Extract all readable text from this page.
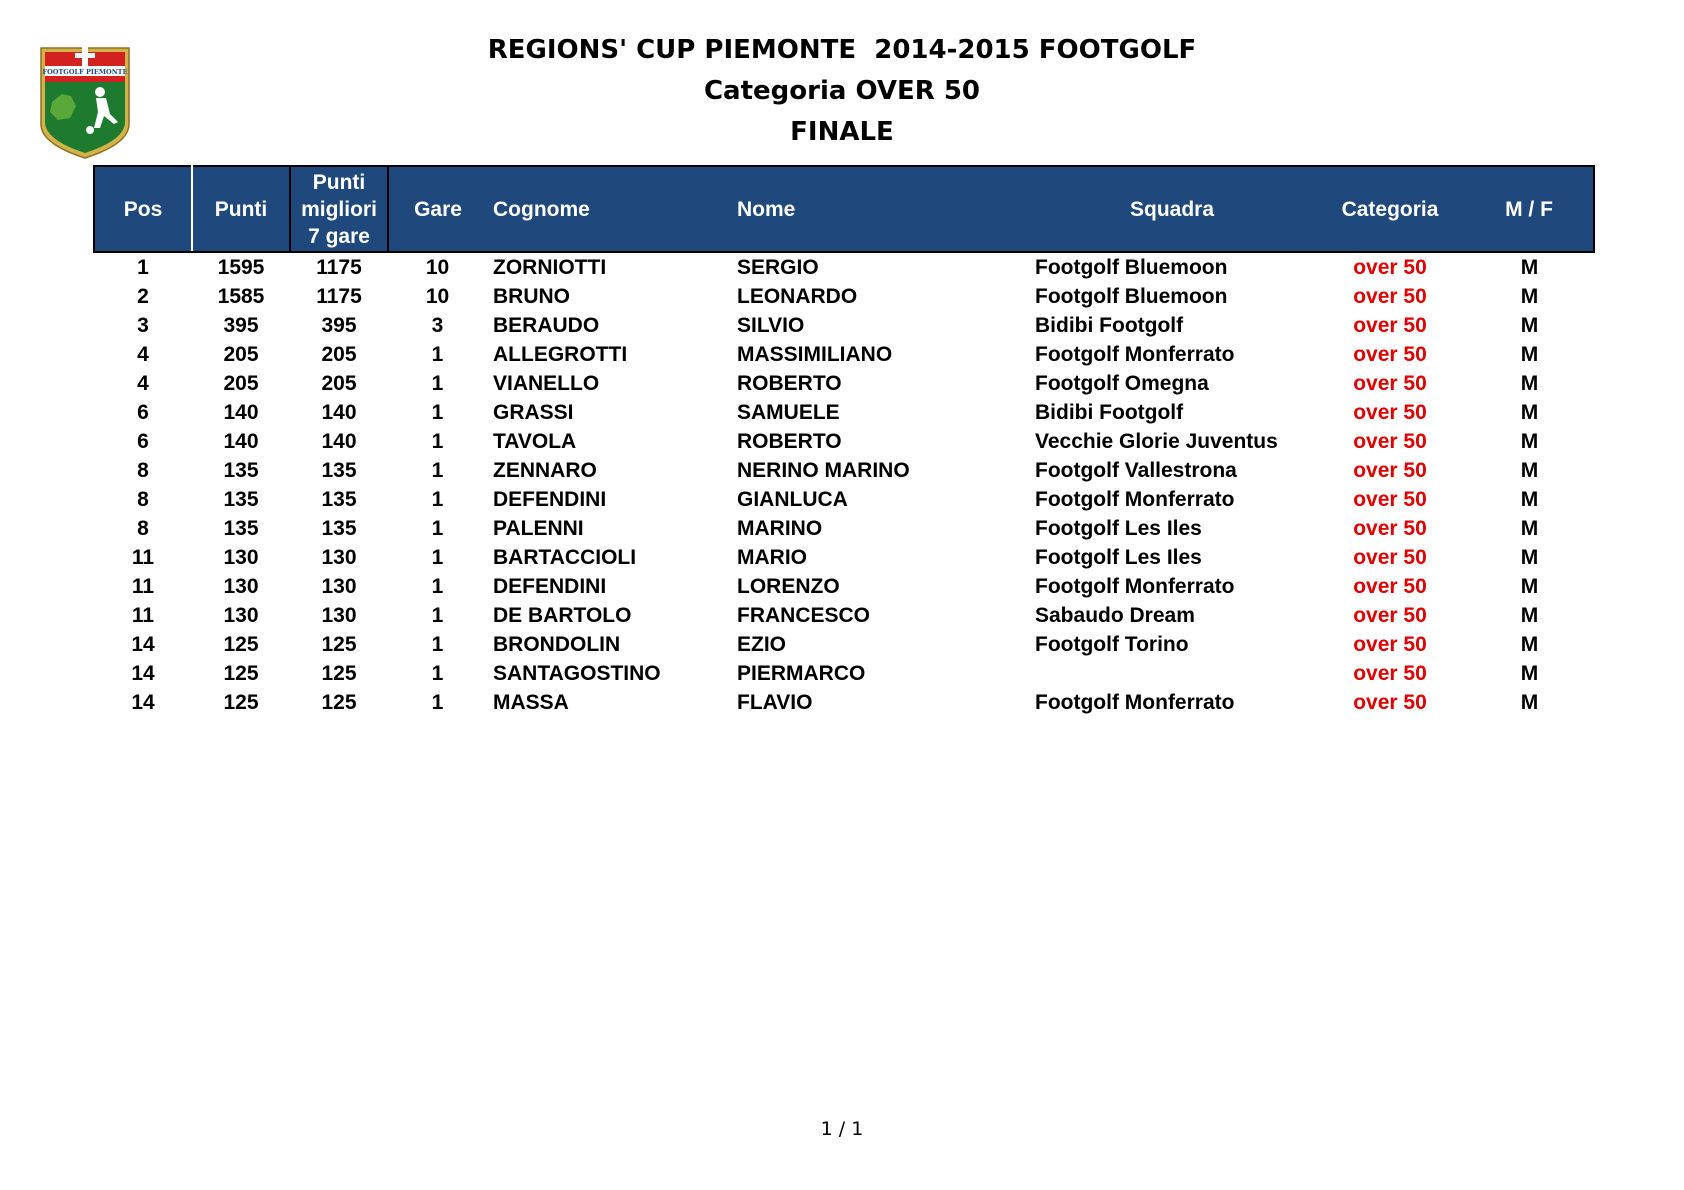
FOOTGOLF PIEMONTE
REGIONS' CUP PIEMONTE  2014-2015 FOOTGOLF
Categoria OVER 50
FINALE
Pos	Punti	Punti
migliori
7 gare	Gare	Cognome	Nome	Squadra	Categoria	M / F
1	1595	1175	10	ZORNIOTTI	SERGIO	Footgolf Bluemoon	over 50	M
2	1585	1175	10	BRUNO	LEONARDO	Footgolf Bluemoon	over 50	M
3	395	395	3	BERAUDO	SILVIO	Bidibi Footgolf	over 50	M
4	205	205	1	ALLEGROTTI	MASSIMILIANO	Footgolf Monferrato	over 50	M
4	205	205	1	VIANELLO	ROBERTO	Footgolf Omegna	over 50	M
6	140	140	1	GRASSI	SAMUELE	Bidibi Footgolf	over 50	M
6	140	140	1	TAVOLA	ROBERTO	Vecchie Glorie Juventus	over 50	M
8	135	135	1	ZENNARO	NERINO MARINO	Footgolf Vallestrona	over 50	M
8	135	135	1	DEFENDINI	GIANLUCA	Footgolf Monferrato	over 50	M
8	135	135	1	PALENNI	MARINO	Footgolf Les Iles	over 50	M
11	130	130	1	BARTACCIOLI	MARIO	Footgolf Les Iles	over 50	M
11	130	130	1	DEFENDINI	LORENZO	Footgolf Monferrato	over 50	M
11	130	130	1	DE BARTOLO	FRANCESCO	Sabaudo Dream	over 50	M
14	125	125	1	BRONDOLIN	EZIO	Footgolf Torino	over 50	M
14	125	125	1	SANTAGOSTINO	PIERMARCO		over 50	M
14	125	125	1	MASSA	FLAVIO	Footgolf Monferrato	over 50	M
1 / 1
